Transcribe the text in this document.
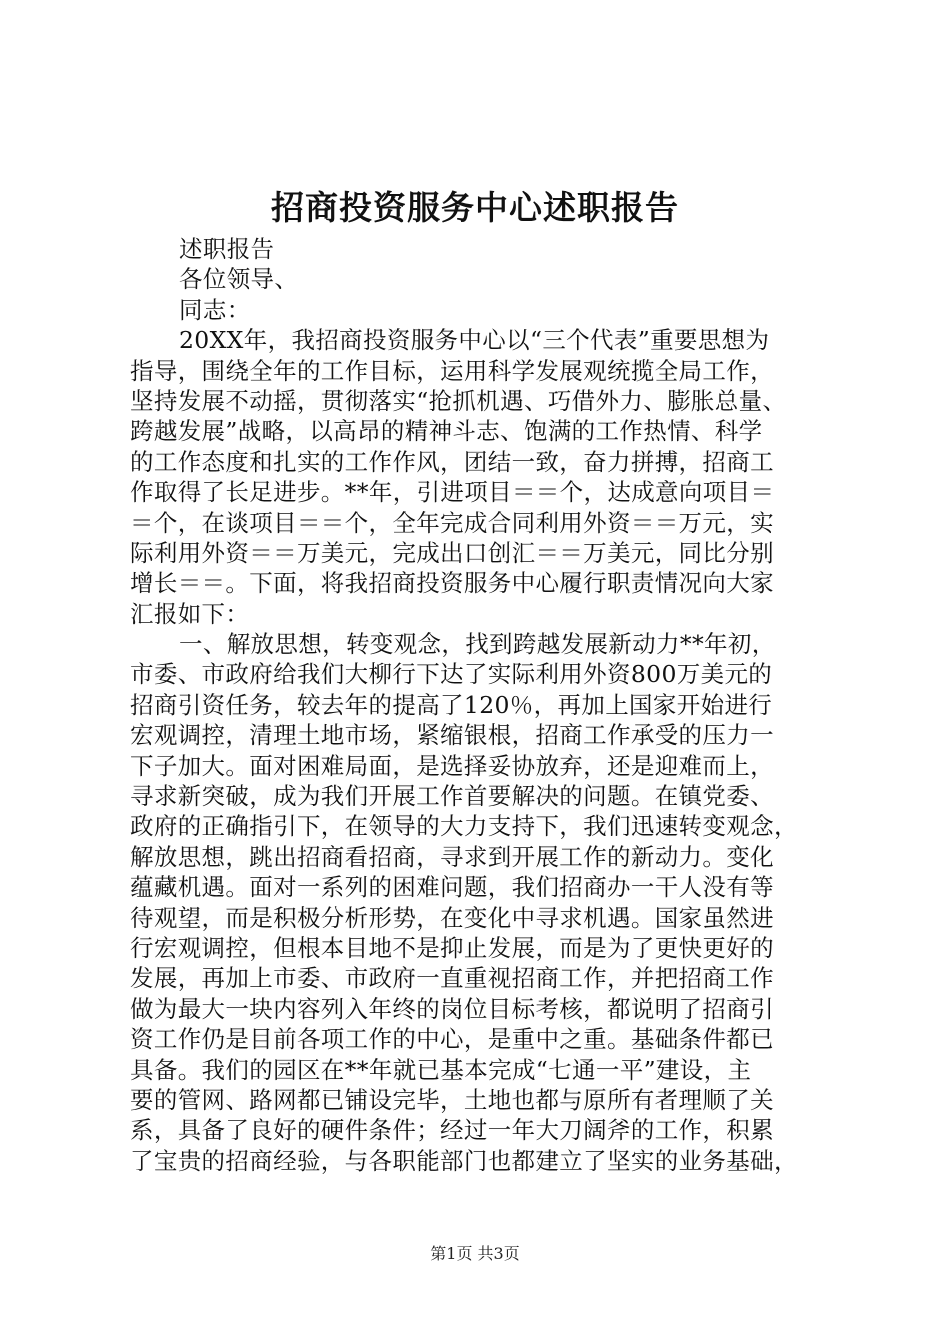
招商投资服务中心述职报告
述职报告
各位领导、
同志：
20XX年，我招商投资服务中心以“三个代表”重要思想为
指导，围绕全年的工作目标，运用科学发展观统揽全局工作，
坚持发展不动摇，贯彻落实“抢抓机遇、巧借外力、膨胀总量、
跨越发展”战略，以高昂的精神斗志、饱满的工作热情、科学
的工作态度和扎实的工作作风，团结一致，奋力拼搏，招商工
作取得了长足进步。**年，引进项目＝＝个，达成意向项目＝
＝个，在谈项目＝＝个，全年完成合同利用外资＝＝万元，实
际利用外资＝＝万美元，完成出口创汇＝＝万美元，同比分别
增长＝＝。下面，将我招商投资服务中心履行职责情况向大家
汇报如下：
一、解放思想，转变观念，找到跨越发展新动力**年初，
市委、市政府给我们大柳行下达了实际利用外资800万美元的
招商引资任务，较去年的提高了120％，再加上国家开始进行
宏观调控，清理土地市场，紧缩银根，招商工作承受的压力一
下子加大。面对困难局面，是选择妥协放弃，还是迎难而上，
寻求新突破，成为我们开展工作首要解决的问题。在镇党委、
政府的正确指引下，在领导的大力支持下，我们迅速转变观念，
解放思想，跳出招商看招商，寻求到开展工作的新动力。变化
蕴藏机遇。面对一系列的困难问题，我们招商办一干人没有等
待观望，而是积极分析形势，在变化中寻求机遇。国家虽然进
行宏观调控，但根本目地不是抑止发展，而是为了更快更好的
发展，再加上市委、市政府一直重视招商工作，并把招商工作
做为最大一块内容列入年终的岗位目标考核，都说明了招商引
资工作仍是目前各项工作的中心，是重中之重。基础条件都已
具备。我们的园区在**年就已基本完成“七通一平”建设，主
要的管网、路网都已铺设完毕，土地也都与原所有者理顺了关
系，具备了良好的硬件条件；经过一年大刀阔斧的工作，积累
了宝贵的招商经验，与各职能部门也都建立了坚实的业务基础，
第1页 共3页
